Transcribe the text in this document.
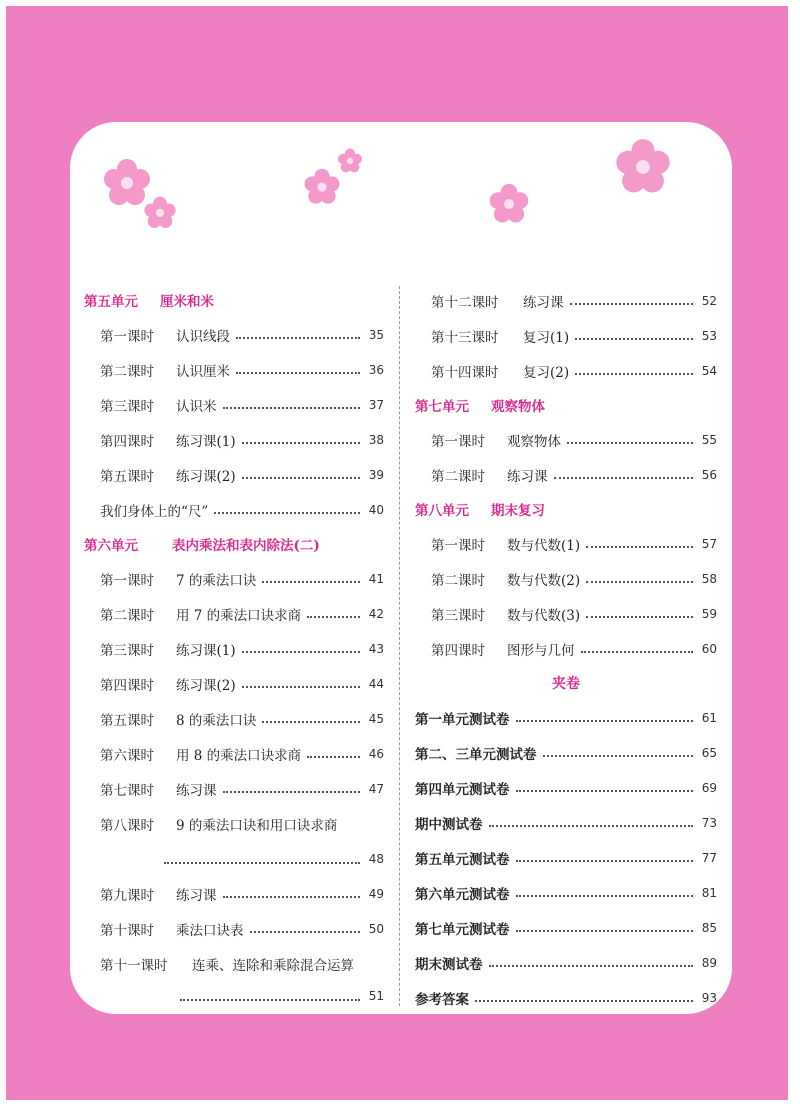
第五单元 厘米和米
第一课时	认识线段	35
第二课时	认识厘米	36
第三课时	认识米	37
第四课时	练习课(1)	38
第五课时	练习课(2)	39
我们身体上的“尺”	40
第六单元	表内乘法和表内除法(二)
第一课时	7 的乘法口诀	41
第二课时	用 7 的乘法口诀求商	42
第三课时	练习课(1)	43
第四课时	练习课(2)	44
第五课时	8 的乘法口诀	45
第六课时	用 8 的乘法口诀求商	46
第七课时	练习课	47
第八课时	9 的乘法口诀和用口诀求商
48
第九课时	练习课	49
第十课时	乘法口诀表	50
第十一课时	连乘、连除和乘除混合运算
51
第十二课时	练习课	52
第十三课时	复习(1)	53
第十四课时	复习(2)	54
第七单元 观察物体
第一课时	观察物体	55
第二课时	练习课	56
第八单元 期末复习
第一课时	数与代数(1)	57
第二课时	数与代数(2)	58
第三课时	数与代数(3)	59
第四课时	图形与几何	60
夹卷
第一单元测试卷	61
第二、三单元测试卷	65
第四单元测试卷	69
期中测试卷	73
第五单元测试卷	77
第六单元测试卷	81
第七单元测试卷	85
期末测试卷	89
参考答案	93
